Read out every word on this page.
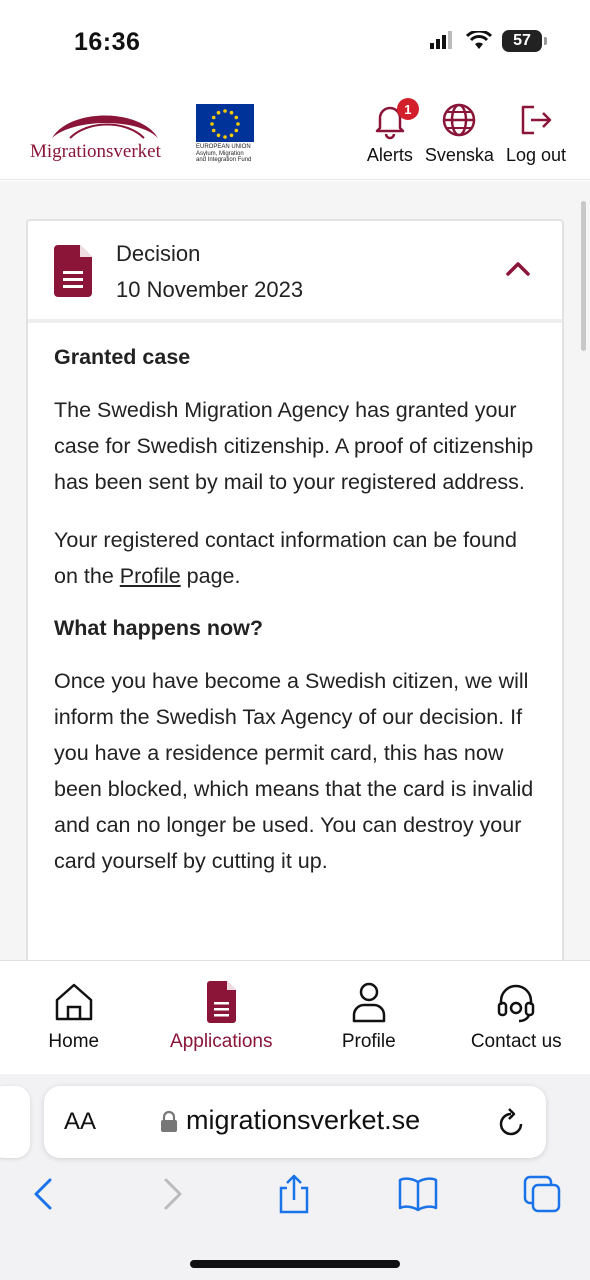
16:36	57
Migrationsverket	EUROPEAN UNION
Asylum, Migration
and Integration Fund
1
Alerts Svenska Log out
Decision
10 November 2023
Granted case

The Swedish Migration Agency has granted your case for Swedish citizenship. A proof of citizenship has been sent by mail to your registered address.

Your registered contact information can be found on the Profile page.

What happens now?

Once you have become a Swedish citizen, we will inform the Swedish Tax Agency of our decision. If you have a residence permit card, this has now been blocked, which means that the card is invalid and can no longer be used. You can destroy your card yourself by cutting it up.

Home	Applications	Profile	Contact us
AA	migrationsverket.se
